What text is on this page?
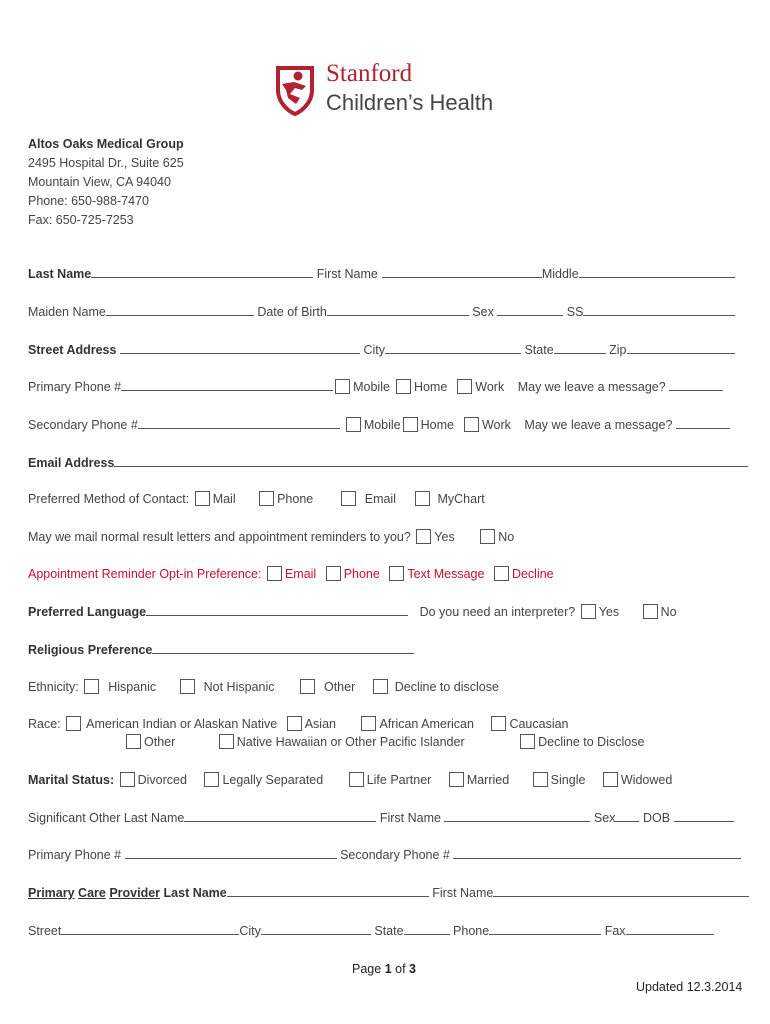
Stanford
Children’s Health
Altos Oaks Medical Group
2495 Hospital Dr., Suite 625
Mountain View, CA 94040
Phone: 650-988-7470
Fax: 650-725-7253
Last Name	First Name	Middle
Maiden Name	Date of Birth	Sex	SS
Street Address	City	State	Zip
Primary Phone #	Mobile Home Work May we leave a message?
Secondary Phone #	Mobile Home Work May we leave a message?
Email Address
Preferred Method of Contact: Mail	Phone	Email	MyChart
May we mail normal result letters and appointment reminders to you? Yes	No
Appointment Reminder Opt-in Preference: Email Phone Text Message Decline
Preferred Language	Do you need an interpreter? Yes	No
Religious Preference
Ethnicity: Hispanic	Not Hispanic	Other	Decline to disclose
Race: American Indian or Alaskan Native Asian	African American	Caucasian
Other	Native Hawaiian or Other Pacific Islander	Decline to Disclose
Marital Status: Divorced	Legally Separated	Life Partner	Married	Single	Widowed
Significant Other Last Name	First Name	Sex DOB
Primary Phone #	Secondary Phone #
Primary Care Provider Last Name	First Name
Street	City	State	Phone	Fax
Page 1 of 3
Updated 12.3.2014
